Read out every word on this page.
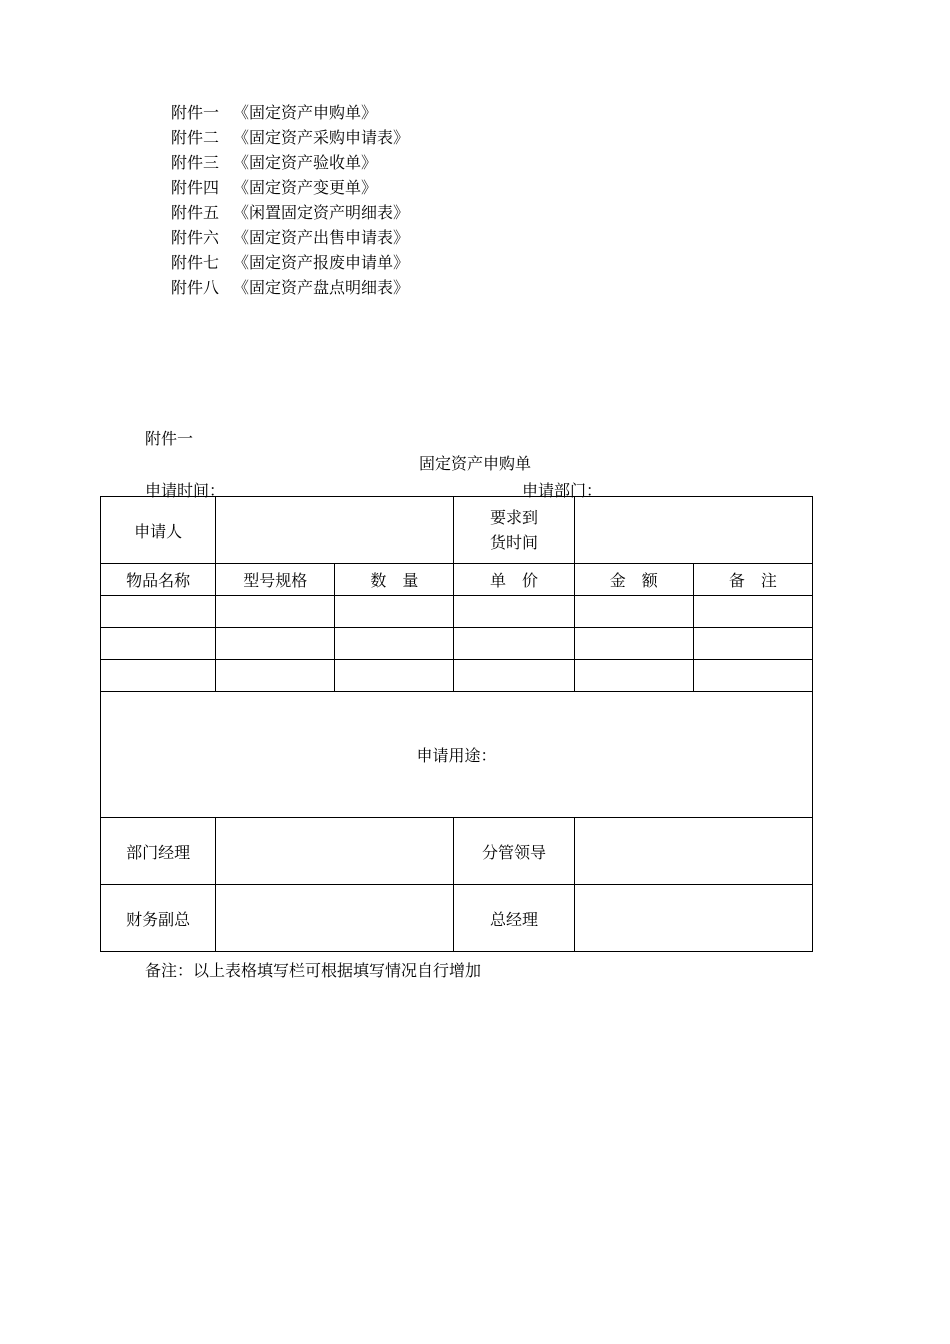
附件一 《固定资产申购单》
附件二 《固定资产采购申请表》
附件三 《固定资产验收单》
附件四 《固定资产变更单》
附件五 《闲置固定资产明细表》
附件六 《固定资产出售申请表》
附件七 《固定资产报废申请单》
附件八 《固定资产盘点明细表》
附件一
固定资产申购单
申请时间：	申请部门：
申请人			要求到
货时间		

物品名称	型号规格	数　量	单　价	金　额	备　注

申请用途：					
部门经理			分管领导		
财务副总			总经理		
备注：以上表格填写栏可根据填写情况自行增加
